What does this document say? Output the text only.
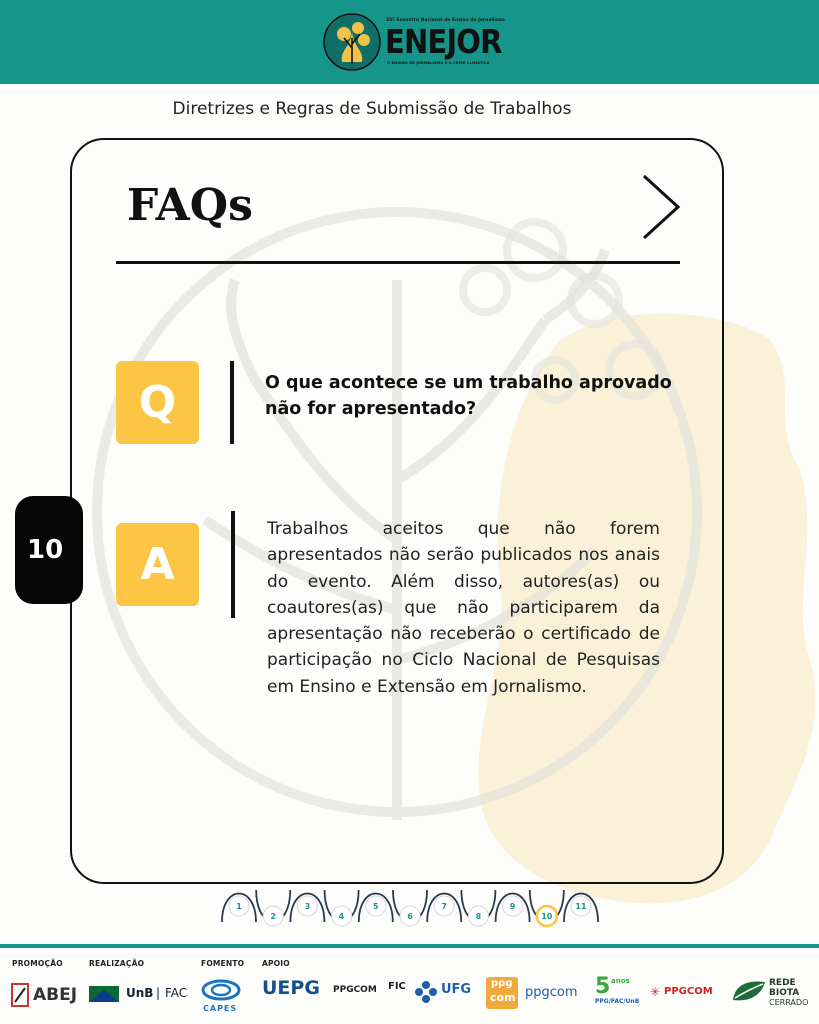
25º Encontro Nacional de Ensino de Jornalismo
ENEJOR
O ENSINO DE JORNALISMO E A CRISE CLIMÁTICA
Diretrizes e Regras de Submissão de Trabalhos
FAQs
Q	O que acontece se um trabalho aprovado não for apresentado?
A
Trabalhos aceitos que não forem apresentados não serão publicados nos anais do evento. Além disso, autores(as) ou coautores(as) que não participarem da apresentação não receberão o certificado de participação no Ciclo Nacional de Pesquisas em Ensino e Extensão em Jornalismo.
10
1
2
3
4
5
6
7
8
9
10
11
PROMOÇÃO	REALIZAÇÃO	FOMENTO APOIO
ABEJ	UnB | FAC
CAPES
UEPG PPGCOM FIC	UFG ppg
com ppgcom 5 anos
PPG/FAC/UnB
✳ PPGCOM
REDE
BIOTA
CERRADO
